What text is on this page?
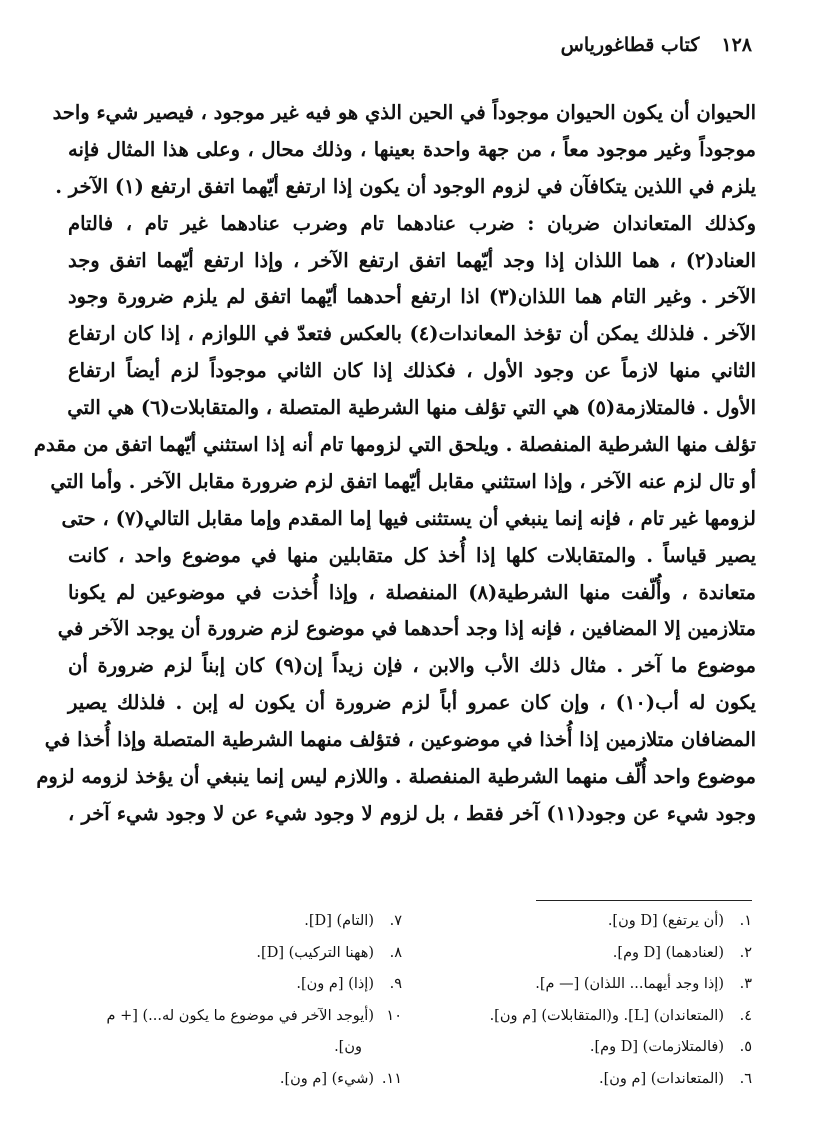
١٢٨
كتاب قطاغورياس
الحيوان أن يكون الحيوان موجوداً في الحين الذي هو فيه غير موجود ، فيصير شيء واحد
موجوداً وغير موجود معاً ، من جهة واحدة بعينها ، وذلك محال ، وعلى هذا المثال فإنه
يلزم في اللذين يتكافآن في لزوم الوجود أن يكون إذا ارتفع أيّهما اتفق ارتفع (١) الآخر .
وكذلك المتعاندان ضربان : ضرب عنادهما تام وضرب عنادهما غير تام ، فالتام
العناد(٢) ، هما اللذان إذا وجد أيّهما اتفق ارتفع الآخر ، وإذا ارتفع أيّهما اتفق وجد
الآخر . وغير التام هما اللذان(٣) اذا ارتفع أحدهما أيّهما اتفق لم يلزم ضرورة وجود
الآخر . فلذلك يمكن أن تؤخذ المعاندات(٤) بالعكس فتعدّ في اللوازم ، إذا كان ارتفاع
الثاني منها لازماً عن وجود الأول ، فكذلك إذا كان الثاني موجوداً لزم أيضاً ارتفاع
الأول . فالمتلازمة(٥) هي التي تؤلف منها الشرطية المتصلة ، والمتقابلات(٦) هي التي
تؤلف منها الشرطية المنفصلة . ويلحق التي لزومها تام أنه إذا استثني أيّهما اتفق من مقدم
أو تال لزم عنه الآخر ، وإذا استثني مقابل أيّهما اتفق لزم ضرورة مقابل الآخر . وأما التي
لزومها غير تام ، فإنه إنما ينبغي أن يستثنى فيها إما المقدم وإما مقابل التالي(٧) ، حتى
يصير قياساً . والمتقابلات كلها إذا أُخذ كل متقابلين منها في موضوع واحد ، كانت
متعاندة ، وأُلّفت منها الشرطية(٨) المنفصلة ، وإذا أُخذت في موضوعين لم يكونا
متلازمين إلا المضافين ، فإنه إذا وجد أحدهما في موضوع لزم ضرورة أن يوجد الآخر في
موضوع ما آخر . مثال ذلك الأب والابن ، فإن زيداً إن(٩) كان إبناً لزم ضرورة أن
يكون له أب(١٠) ، وإن كان عمرو أباً لزم ضرورة أن يكون له إبن . فلذلك يصير
المضافان متلازمين إذا أُخذا في موضوعين ، فتؤلف منهما الشرطية المتصلة وإذا أُخذا في
موضوع واحد أُلّف منهما الشرطية المنفصلة . واللازم ليس إنما ينبغي أن يؤخذ لزومه لزوم
وجود شيء عن وجود(١١) آخر فقط ، بل لزوم لا وجود شيء عن لا وجود شيء آخر ،
١.
(أن يرتفع) [D ون].
٢.
(لعنادهما) [D وم].
٣.
(إذا وجد أيهما... اللذان) [— م].
٤.
(المتعاندان) [L]. و(المتقابلات) [م ون].
٥.
(فالمتلازمات) [D وم].
٦.
(المتعاندات) [م ون].
٧.
(التام) [D].
٨.
(ههنا التركيب) [D].
٩.
(إذا) [م ون].
١٠
(أيوجد الآخر في موضوع ما يكون له...) [+ م
ون].
١١.
(شيء) [م ون].
